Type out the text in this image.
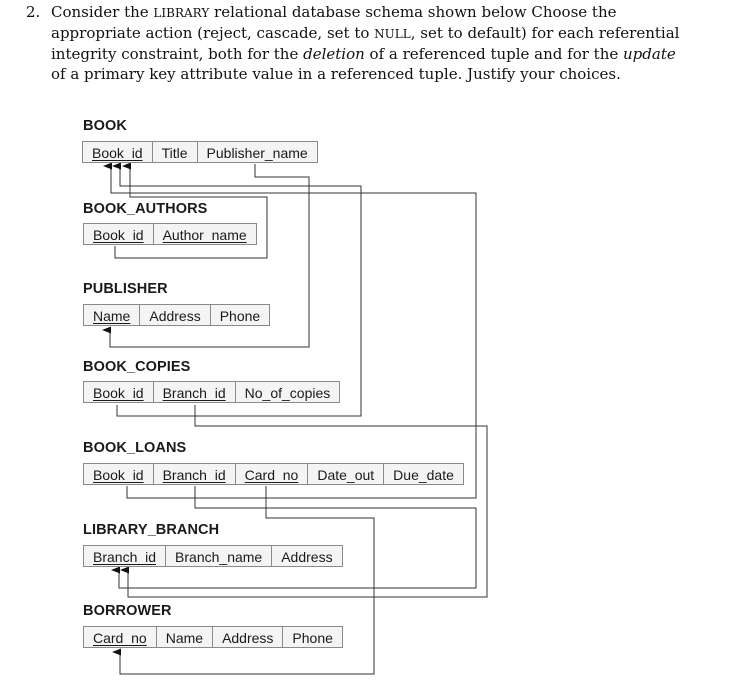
2. Consider the LIBRARY relational database schema shown below Choose the appropriate action (reject, cascade, set to NULL, set to default) for each referential integrity constraint, both for the deletion of a referenced tuple and for the update of a primary key attribute value in a referenced tuple. Justify your choices.
BOOK
Book_id	Title	Publisher_name
BOOK_AUTHORS
Book_id	Author_name
PUBLISHER
Name	Address	Phone
BOOK_COPIES
Book_id	Branch_id	No_of_copies
BOOK_LOANS
Book_id	Branch_id	Card_no	Date_out	Due_date
LIBRARY_BRANCH
Branch_id	Branch_name	Address
BORROWER
Card_no	Name	Address	Phone
